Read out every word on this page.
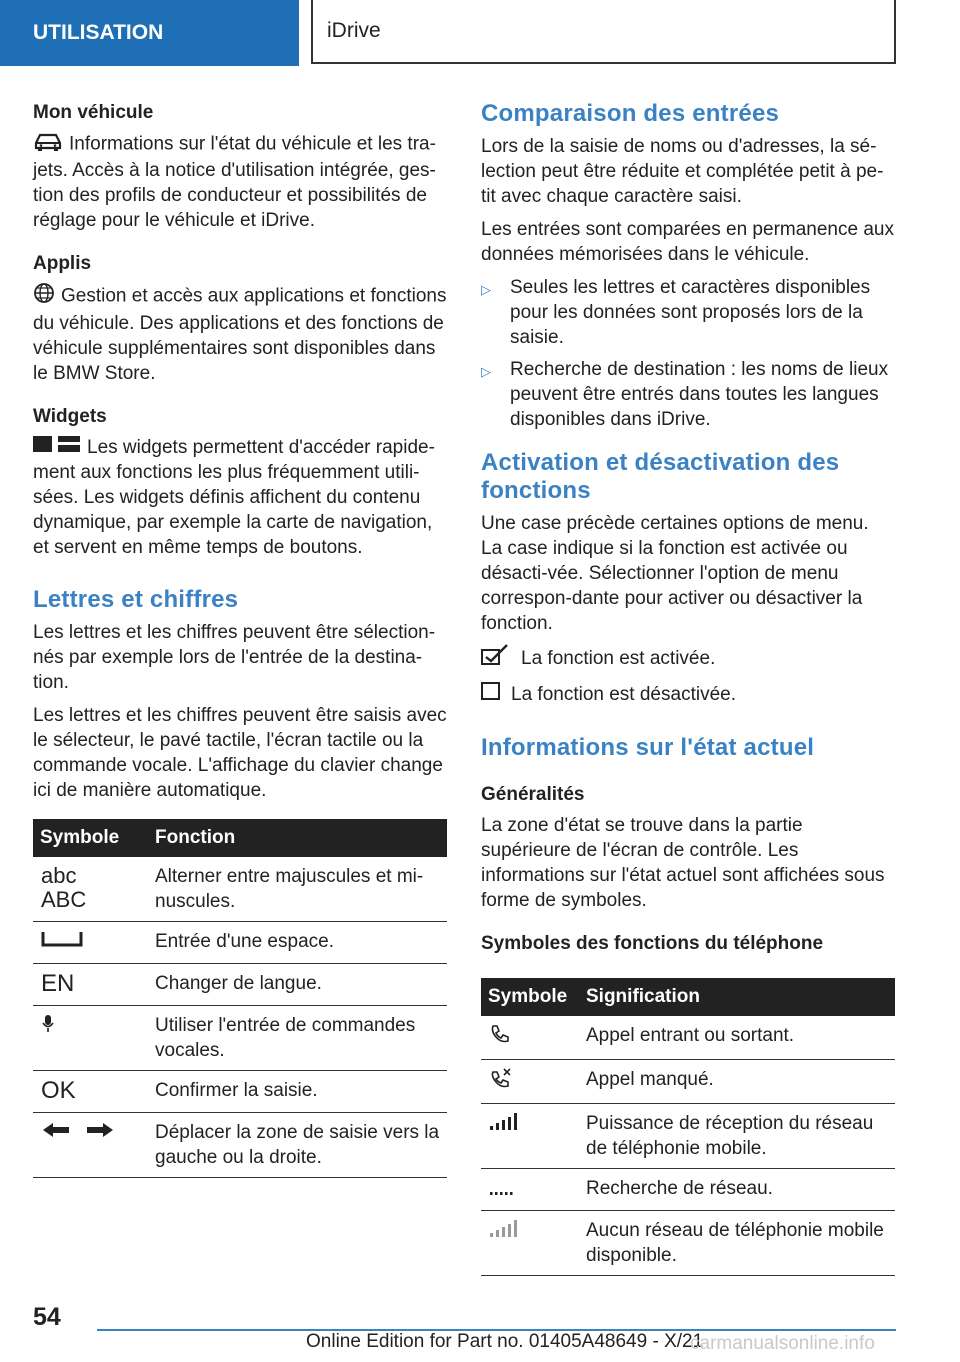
UTILISATION	iDrive
Mon véhicule

Informations sur l'état du véhicule et les tra-jets. Accès à la notice d'utilisation intégrée, ges-tion des profils de conducteur et possibilités de réglage pour le véhicule et iDrive.

Applis

Gestion et accès aux applications et fonctions du véhicule. Des applications et des fonctions de véhicule supplémentaires sont disponibles dans le BMW Store.

Widgets

Les widgets permettent d'accéder rapide-ment aux fonctions les plus fréquemment utili-sées. Les widgets définis affichent du contenu dynamique, par exemple la carte de navigation, et servent en même temps de boutons.

Lettres et chiffres

Les lettres et les chiffres peuvent être sélection-nés par exemple lors de l'entrée de la destina-tion.

Les lettres et les chiffres peuvent être saisis avec le sélecteur, le pavé tactile, l'écran tactile ou la commande vocale. L'affichage du clavier change ici de manière automatique.

Symbole	Fonction

abc
ABC	Alterner entre majuscules et mi-nuscules.
	Entrée d'une espace.
EN	Changer de langue.
	Utiliser l'entrée de commandes vocales.
OK	Confirmer la saisie.
	Déplacer la zone de saisie vers la gauche ou la droite.
Comparaison des entrées

Lors de la saisie de noms ou d'adresses, la sé-lection peut être réduite et complétée petit à pe-tit avec chaque caractère saisi.

Les entrées sont comparées en permanence aux données mémorisées dans le véhicule.

▷	Seules les lettres et caractères disponibles pour les données sont proposés lors de la saisie.
▷	Recherche de destination : les noms de lieux peuvent être entrés dans toutes les langues disponibles dans iDrive.
Activation et désactivation des fonctions

Une case précède certaines options de menu. La case indique si la fonction est activée ou désacti-vée. Sélectionner l'option de menu correspon-dante pour activer ou désactiver la fonction.

La fonction est activée.
La fonction est désactivée.
Informations sur l'état actuel
Généralités

La zone d'état se trouve dans la partie supérieure de l'écran de contrôle. Les informations sur l'état actuel sont affichées sous forme de symboles.

Symboles des fonctions du téléphone
Symbole	Signification
	Appel entrant ou sortant.
	Appel manqué.
	Puissance de réception du réseau de téléphonie mobile.
	Recherche de réseau.
	Aucun réseau de téléphonie mobile disponible.
54
Online Edition for Part no. 01405A48649 - X/21
carmanualsonline.info
